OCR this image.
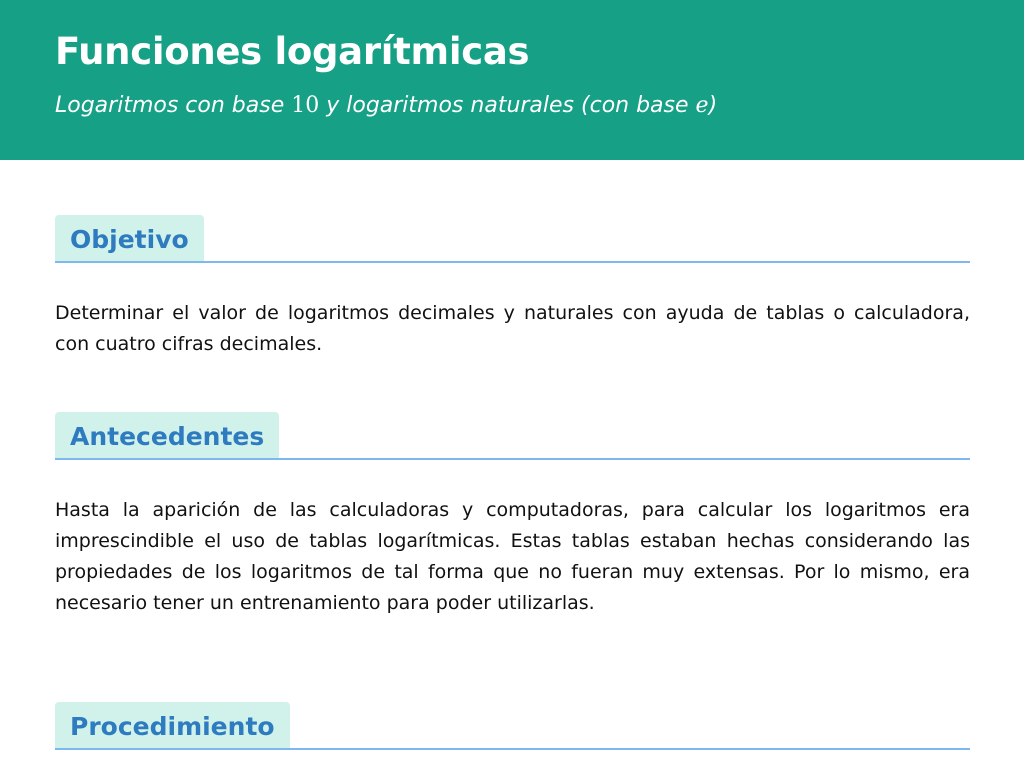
Funciones logarítmicas
Logaritmos con base 10 y logaritmos naturales (con base e)
Objetivo

Determinar el valor de logaritmos decimales y naturales con ayuda de tablas o calculadora, con cuatro cifras decimales.

Antecedentes

Hasta la aparición de las calculadoras y computadoras, para calcular los logaritmos era imprescindible el uso de tablas logarítmicas. Estas tablas estaban hechas considerando las propiedades de los logaritmos de tal forma que no fueran muy extensas. Por lo mismo, era necesario tener un entrenamiento para poder utilizarlas.

Procedimiento
